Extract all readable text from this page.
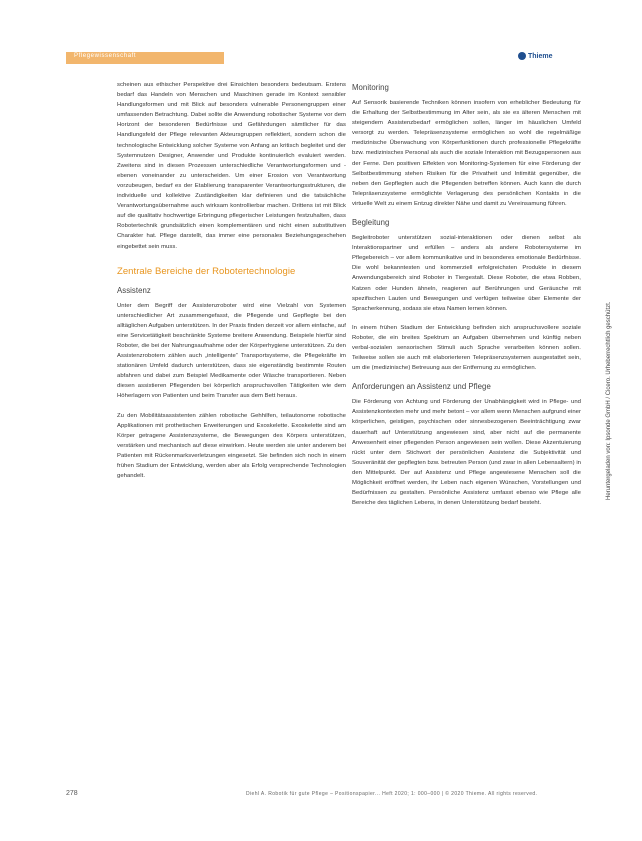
Pflegewissenschaft	Thieme

scheinen aus ethischer Perspektive drei Einsichten besonders bedeutsam. Erstens bedarf das Handeln von Menschen und Maschinen gerade im Kontext sensibler Handlungsformen und mit Blick auf besonders vulnerable Personengruppen einer umfassenden Betrachtung. Dabei sollte die Anwendung robotischer Systeme vor dem Horizont der besonderen Bedürfnisse und Gefährdungen sämtlicher für das Handlungsfeld der Pflege relevanten Akteursgruppen reflektiert, sondern schon die technologische Entwicklung solcher Systeme von Anfang an kritisch begleitet und der Systemnutzen Designer, Anwender und Produkte kontinuierlich evaluiert werden. Zweitens sind in diesen Prozessen unterschiedliche Verantwortungsformen und -ebenen voneinander zu unterscheiden. Um einer Erosion von Verantwortung vorzubeugen, bedarf es der Etablierung transparenter Verantwortungsstrukturen, die individuelle und kollektive Zuständigkeiten klar definieren und die tatsächliche Verantwortungsübernahme auch wirksam kontrollierbar machen. Drittens ist mit Blick auf die qualitativ hochwertige Erbringung pflegerischer Leistungen festzuhalten, dass Robotertechnik grundsätzlich einen komplementären und nicht einen substitutiven Charakter hat. Pflege darstellt, das immer eine personales Beziehungsgeschehen eingebettet sein muss.

Zentrale Bereiche der Robotertechnologie
Assistenz

Unter dem Begriff der Assistenzroboter wird eine Vielzahl von Systemen unterschiedlicher Art zusammengefasst, die Pflegende und Gepflegte bei den alltäglichen Aufgaben unterstützen. In der Praxis finden derzeit vor allem einfache, auf eine Servicetätigkeit beschränkte Systeme breitere Anwendung. Beispiele hierfür sind Roboter, die bei der Nahrungsaufnahme oder der Körperhygiene unterstützen. Zu den Assistenzrobotern zählen auch „intelligente“ Transportsysteme, die Pflegekräfte im stationären Umfeld dadurch unterstützen, dass sie eigenständig bestimmte Routen abfahren und dabei zum Beispiel Medikamente oder Wäsche transportieren. Neben diesen assistieren Pflegenden bei körperlich anspruchsvollen Tätigkeiten wie dem Höherlagern von Patienten und beim Transfer aus dem Bett heraus.

Zu den Mobilitätsassistenten zählen robotische Gehhilfen, teilautonome robotische Applikationen mit prothetischen Erweiterungen und Exoskelette. Exoskelette sind am Körper getragene Assistenzsysteme, die Bewegungen des Körpers unterstützen, verstärken und mechanisch auf diese einwirken. Heute werden sie unter anderem bei Patienten mit Rückenmarksverletzungen eingesetzt. Sie befinden sich noch in einem frühen Stadium der Entwicklung, werden aber als Erfolg versprechende Technologien gehandelt.

Monitoring

Auf Sensorik basierende Techniken können insofern von erheblicher Bedeutung für die Erhaltung der Selbstbestimmung im Alter sein, als sie es älteren Menschen mit steigendem Assistenzbedarf ermöglichen sollen, länger im häuslichen Umfeld versorgt zu werden. Telepräsenzsysteme ermöglichen so wohl die regelmäßige medizinische Überwachung von Körperfunktionen durch professionelle Pflegekräfte bzw. medizinisches Personal als auch die soziale Interaktion mit Bezugspersonen aus der Ferne. Den positiven Effekten von Monitoring-Systemen für eine Förderung der Selbstbestimmung stehen Risiken für die Privatheit und Intimität gegenüber, die neben den Gepflegten auch die Pflegenden betreffen können. Auch kann die durch Telepräsenzsysteme ermöglichte Verlagerung des persönlichen Kontakts in die virtuelle Welt zu einem Entzug direkter Nähe und damit zu Vereinsamung führen.

Begleitung

Begleitroboter unterstützen sozial-interaktionen oder dienen selbst als Interaktionspartner und erfüllen – anders als andere Robotersysteme im Pflegebereich – vor allem kommunikative und in besonderes emotionale Bedürfnisse. Die wohl bekanntesten und kommerziell erfolgreichsten Produkte in diesem Anwendungsbereich sind Roboter in Tiergestalt. Diese Roboter, die etwa Robben, Katzen oder Hunden ähneln, reagieren auf Berührungen und Geräusche mit spezifischen Lauten und Bewegungen und verfügen teilweise über Elemente der Spracherkennung, sodass sie etwa Namen lernen können.

In einem frühen Stadium der Entwicklung befinden sich anspruchsvollere soziale Roboter, die ein breites Spektrum an Aufgaben übernehmen und künftig neben verbal-sozialen sensorischen Stimuli auch Sprache verarbeiten können sollen. Teilweise sollen sie auch mit elaborierteren Telepräsenzsystemen ausgestattet sein, um die (medizinische) Betreuung aus der Entfernung zu ermöglichen.

Anforderungen an Assistenz und Pflege

Die Förderung von Achtung und Förderung der Unabhängigkeit wird in Pflege- und Assistenzkontexten mehr und mehr betont – vor allem wenn Menschen aufgrund einer körperlichen, geistigen, psychischen oder sinnesbezogenen Beeinträchtigung zwar dauerhaft auf Unterstützung angewiesen sind, aber nicht auf die permanente Anwesenheit einer pflegenden Person angewiesen sein wollen. Diese Akzentuierung rückt unter dem Stichwort der persönlichen Assistenz die Subjektivität und Souveränität der gepflegten bzw. betreuten Person (und zwar in allen Lebensaltern) in den Mittelpunkt. Der auf Assistenz und Pflege angewiesene Menschen soll die Möglichkeit eröffnet werden, ihr Leben nach eigenen Wünschen, Vorstellungen und Bedürfnissen zu gestalten. Persönliche Assistenz umfasst ebenso wie Pflege alle Bereiche des täglichen Lebens, in denen Unterstützung bedarf besteht.

Heruntergeladen von: Ipsonde GmbH / Cicero. Urheberrechtlich geschützt.
278	Diehl A. Robotik für gute Pflege – Positionspapier... Heft 2020; 1: 000–000 | © 2020 Thieme. All rights reserved.
